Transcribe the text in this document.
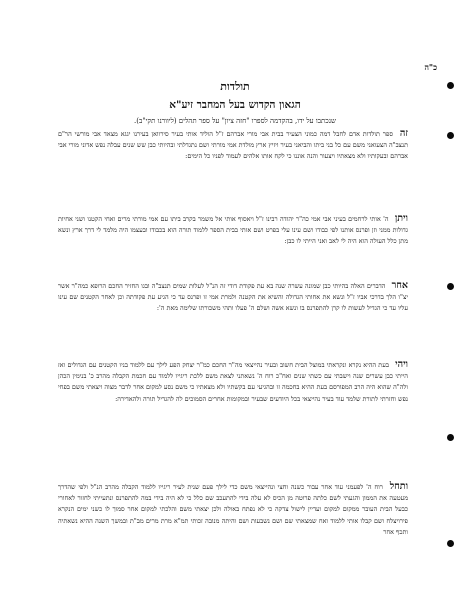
כ"ה
תולדות
הגאון הקדוש בעל המחבר זיע"א
שנכתבו על ידו, בהקדמה לספרו "חזה ציון" על ספר תהלים (ליוורנו תקי"ב).

זה ספר תולדות אדם לחבל דמה כמוני הצעיר בבית אבי מורי אברהם ז"ל הוליד אותי בעיר סירוואן בעירנו יגגא מצאד אבי מורשי הר"ם תנצב"ה הצעואני משם עם כל בני ביתו והביאני בעיר ויזיץ ארץ מולדת אמי מורתי ושם נתגדלתי ובהיותי כבן שש שנים עבלה נפש אדוני מורי אבי אברהם ובעקותיו ולא מצאתיו ויצעור והנה אוננו כי לקח אותו אלהים לעמוד לפניו כל הימים:

ויתן ה' אותי לרחמים בעיני אבי אמי כה"ר יהודה רבינו ז"ל ויאסוף אותי אל משמר בקרב ביתו עם אמי מורתי מרים ואחי הקטנו ושני אחיות גדולות ממני וזן ופרנס אותנו לפי כבודו ושם עינו עלי בפרט ושם אותי בבית הספר ללמוד תורה הוא בכבודו ובעצמו היה מלמד לי דרך ארץ ונשא מתן כלל העולה הוא היה לי לאב ואני הייתי לו כבן:

אחר הדברים האלה בהיותי כבן שמונה עשרה שנה בא עת פקודת דודי זה הנ"ל לעלות שמים תנצב"ה ובגו החזיר החכם הרופא כמה"ר אשר יצ"ו הלך בדרכי אביו ז"ל ונשא את אחותי הגדולה והשיא את הקטנה ולמרת אמי זו ופרנס עד כי הגיע עת פקודתה וכן לאחר הקטנים שם עינו עליו עד כי הגדיל לעשות לו קרן להתפרנס בו ונשא אשה ושלם ה' פעלו ותהי משכורתו שלימה מאת ה':

ויהי בעת ההיא נקרא ונקראתי במוצל הבית חשוב ובעיר נהייצאי מה"ר החכם כמ"ר יצחק הפע לילך עם ללמוד בניו הקטנים עם הגדולים ואז הייתי כבן עשרים שנה וישבתי עם כשתי שנים ואח"כ רוח ה' נשאתני לצאת משם ללכת ריגייו ללמוד עם חכמת הקבלה מהרב כ' בנימין הכהן ולה"ה שהוא היה הרב המפורסם בעת ההיא בחכמה זו ובהגיעי עם בקשתיו ולא מצאתיו כי משם נסע למקום אחר לדבר מצוה ויצאתי משם בפחי נפש וחזרתי לתורת שלמד עוד בעיר נהייצאי בכל היודעים שבעיר ובמקומות אחרים הסמוכים לה להגדיל תורה ולהאדירה:

ותחל רוח ה' לפעמני עוד אחר עבור כשנה וחצי ונהייצאי משם כדי לילך פעם שנית לעיר ריגייו ללמוד הקבלה מהרב הנ"ל ולפי שהדרך מעטעה את הממון והגעתי לשם כלתה פרוטה מן הכיס לא עלה בידי להתעכב שם כלל כי לא היה בידי במה להתפרנס ונתעייתי לחזור לאחורי כבעל הבית העובר ממקום למקום ועדיין לישול צדקה כי לא נפתח באולה ולכן יצאתי משם והלכתי למקום אחר סמוך לו כשני ימים הנקרא פירויצלח ושם קבלו אותי ללמוד ואח שמצאתי שם ושם נשבעות ושם והיתה מנובה זכותי תמ"א מרת מרים מב"ת ובמשך השנה ההיא נשאתיה ותכף אחר
